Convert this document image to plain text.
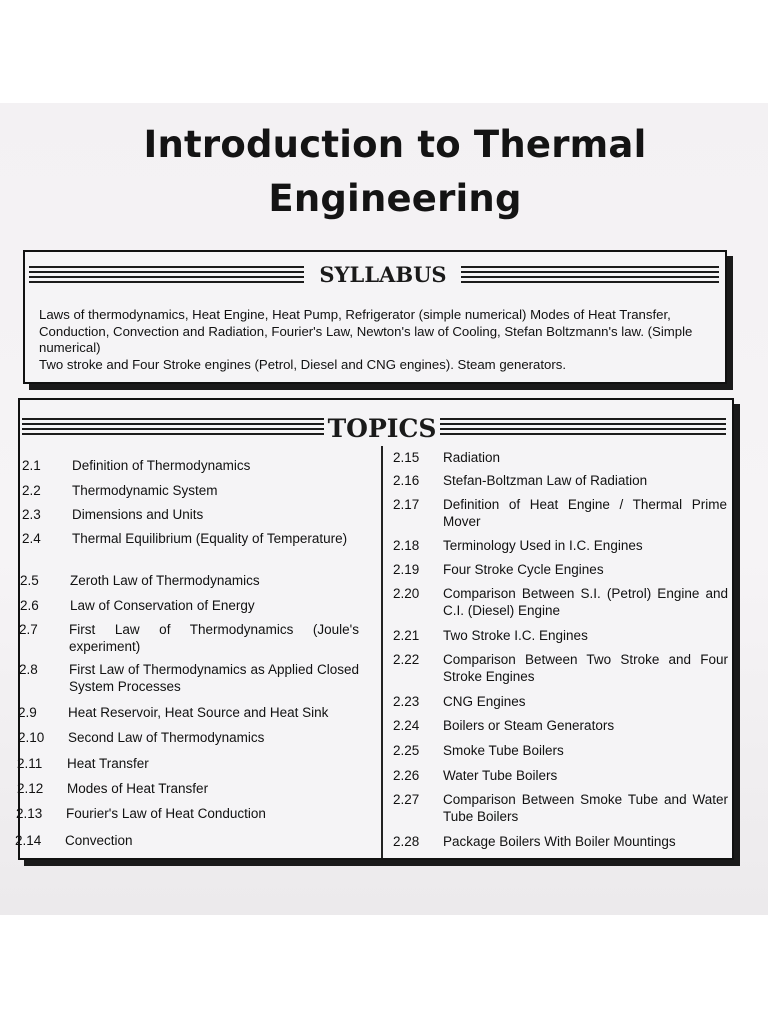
Introduction to Thermal
Engineering
SYLLABUS

Laws of thermodynamics, Heat Engine, Heat Pump, Refrigerator (simple numerical) Modes of Heat Transfer, Conduction, Convection and Radiation, Fourier's Law, Newton's law of Cooling, Stefan Boltzmann's law. (Simple numerical)

Two stroke and Four Stroke engines (Petrol, Diesel and CNG engines). Steam generators.

TOPICS
2.1	Definition of Thermodynamics
2.2	Thermodynamic System
2.3	Dimensions and Units
2.4	Thermal Equilibrium (Equality of Temperature)
2.5	Zeroth Law of Thermodynamics
2.6	Law of Conservation of Energy
2.7	First Law of Thermodynamics (Joule's experiment)
2.8	First Law of Thermodynamics as Applied Closed System Processes
2.9	Heat Reservoir, Heat Source and Heat Sink
2.10	Second Law of Thermodynamics
2.11	Heat Transfer
2.12	Modes of Heat Transfer
2.13	Fourier's Law of Heat Conduction
2.14	Convection
2.15	Radiation
2.16	Stefan-Boltzman Law of Radiation
2.17	Definition of Heat Engine / Thermal Prime Mover
2.18	Terminology Used in I.C. Engines
2.19	Four Stroke Cycle Engines
2.20	Comparison Between S.I. (Petrol) Engine and C.I. (Diesel) Engine
2.21	Two Stroke I.C. Engines
2.22	Comparison Between Two Stroke and Four Stroke Engines
2.23	CNG Engines
2.24	Boilers or Steam Generators
2.25	Smoke Tube Boilers
2.26	Water Tube Boilers
2.27	Comparison Between Smoke Tube and Water Tube Boilers
2.28	Package Boilers With Boiler Mountings
